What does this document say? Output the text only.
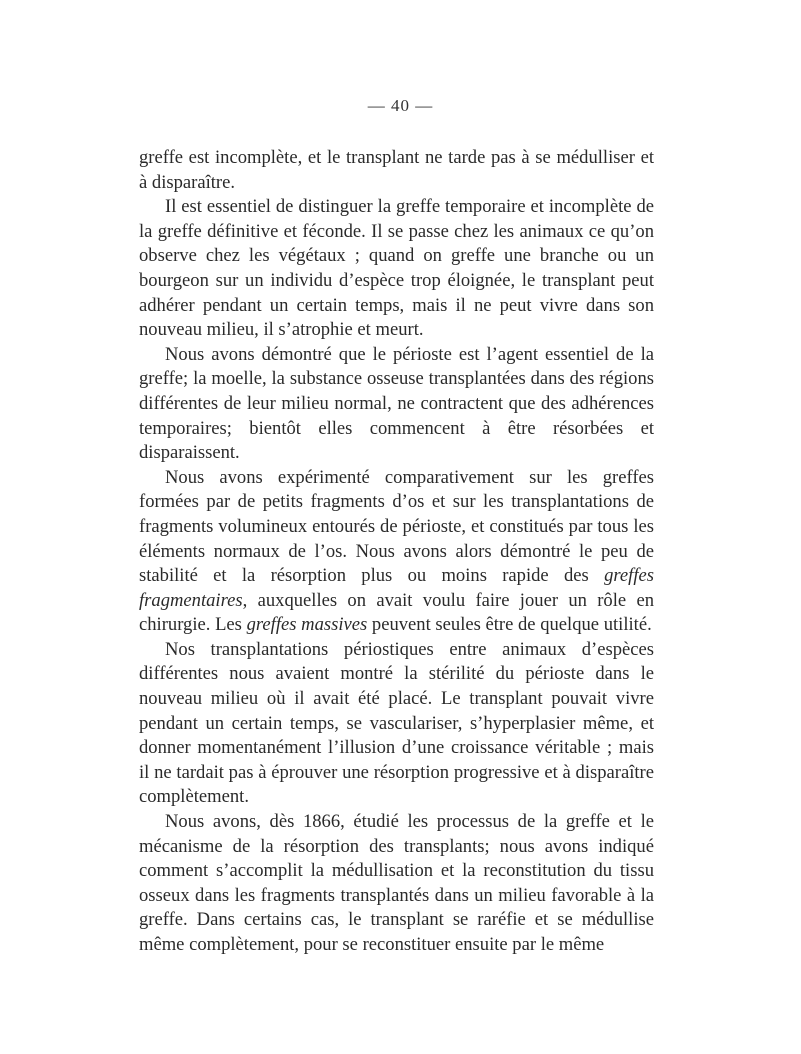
— 40 —

greffe est incomplète, et le transplant ne tarde pas à se médulliser et à disparaître.

Il est essentiel de distinguer la greffe temporaire et incomplète de la greffe définitive et féconde. Il se passe chez les animaux ce qu’on observe chez les végétaux ; quand on greffe une branche ou un bourgeon sur un individu d’espèce trop éloignée, le transplant peut adhérer pendant un certain temps, mais il ne peut vivre dans son nouveau milieu, il s’atrophie et meurt.

Nous avons démontré que le périoste est l’agent essentiel de la greffe; la moelle, la substance osseuse transplantées dans des régions différentes de leur milieu normal, ne contractent que des adhérences temporaires; bientôt elles commencent à être résorbées et disparaissent.

Nous avons expérimenté comparativement sur les greffes formées par de petits fragments d’os et sur les transplantations de fragments volumineux entourés de périoste, et constitués par tous les éléments normaux de l’os. Nous avons alors démontré le peu de stabilité et la résorption plus ou moins rapide des greffes fragmentaires, auxquelles on avait voulu faire jouer un rôle en chirurgie. Les greffes massives peuvent seules être de quelque utilité.

Nos transplantations périostiques entre animaux d’espèces différentes nous avaient montré la stérilité du périoste dans le nouveau milieu où il avait été placé. Le transplant pouvait vivre pendant un certain temps, se vasculariser, s’hyperplasier même, et donner momentanément l’illusion d’une croissance véritable ; mais il ne tardait pas à éprouver une résorption progressive et à disparaître complètement.

Nous avons, dès 1866, étudié les processus de la greffe et le mécanisme de la résorption des transplants; nous avons indiqué comment s’accomplit la médullisation et la reconstitution du tissu osseux dans les fragments transplantés dans un milieu favorable à la greffe. Dans certains cas, le transplant se raréfie et se médullise même complètement, pour se reconstituer ensuite par le même
